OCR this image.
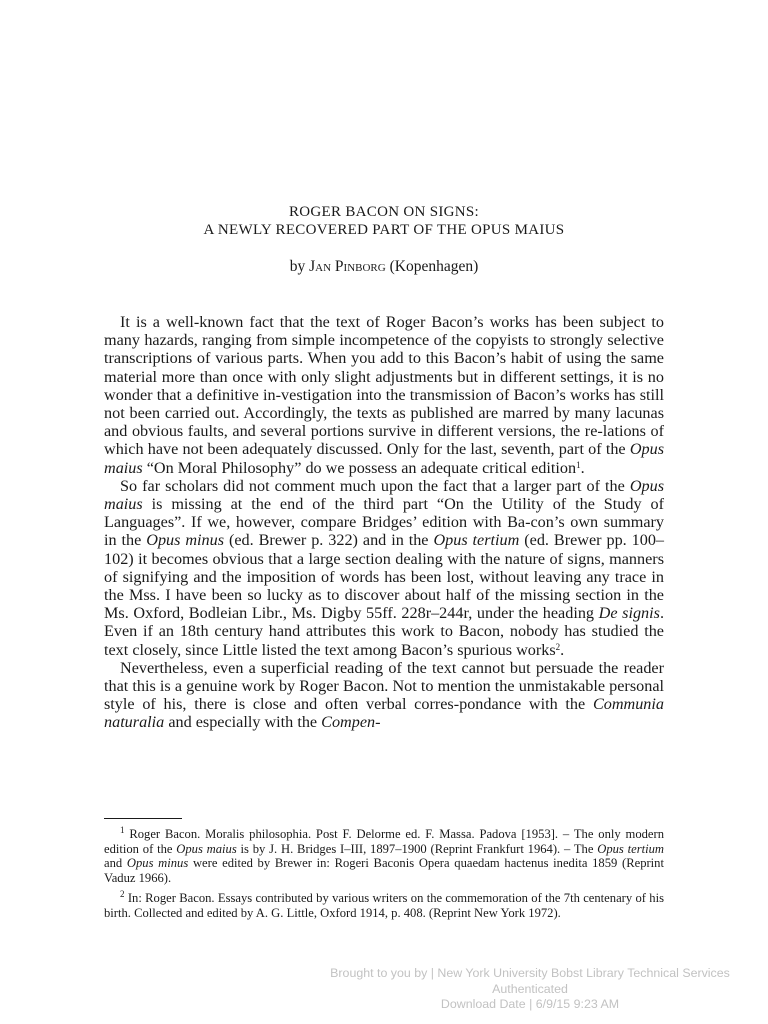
ROGER BACON ON SIGNS:
A NEWLY RECOVERED PART OF THE OPUS MAIUS
by Jan Pinborg (Kopenhagen)

It is a well-known fact that the text of Roger Bacon’s works has been subject to many hazards, ranging from simple incompetence of the copyists to strongly selective transcriptions of various parts. When you add to this Bacon’s habit of using the same material more than once with only slight adjustments but in different settings, it is no wonder that a definitive in-vestigation into the transmission of Bacon’s works has still not been carried out. Accordingly, the texts as published are marred by many lacunas and obvious faults, and several portions survive in different versions, the re-lations of which have not been adequately discussed. Only for the last, seventh, part of the Opus maius “On Moral Philosophy” do we possess an adequate critical edition$^1$.

So far scholars did not comment much upon the fact that a larger part of the Opus maius is missing at the end of the third part “On the Utility of the Study of Languages”. If we, however, compare Bridges’ edition with Ba-con’s own summary in the Opus minus (ed. Brewer p. 322) and in the Opus tertium (ed. Brewer pp. 100–102) it becomes obvious that a large section dealing with the nature of signs, manners of signifying and the imposition of words has been lost, without leaving any trace in the Mss. I have been so lucky as to discover about half of the missing section in the Ms. Oxford, Bodleian Libr., Ms. Digby 55ff. 228r–244r, under the heading De signis. Even if an 18th century hand attributes this work to Bacon, nobody has studied the text closely, since Little listed the text among Bacon’s spurious works$^2$.

Nevertheless, even a superficial reading of the text cannot but persuade the reader that this is a genuine work by Roger Bacon. Not to mention the unmistakable personal style of his, there is close and often verbal corres-pondance with the Communia naturalia and especially with the Compen-

$^1$ Roger Bacon. Moralis philosophia. Post F. Delorme ed. F. Massa. Padova [1953]. – The only modern edition of the Opus maius is by J. H. Bridges I–III, 1897–1900 (Reprint Frankfurt 1964). – The Opus tertium and Opus minus were edited by Brewer in: Rogeri Baconis Opera quaedam hactenus inedita 1859 (Reprint Vaduz 1966).

$^2$ In: Roger Bacon. Essays contributed by various writers on the commemoration of the 7th centenary of his birth. Collected and edited by A. G. Little, Oxford 1914, p. 408. (Reprint New York 1972).

Brought to you by | New York University Bobst Library Technical Services
Authenticated
Download Date | 6/9/15 9:23 AM
